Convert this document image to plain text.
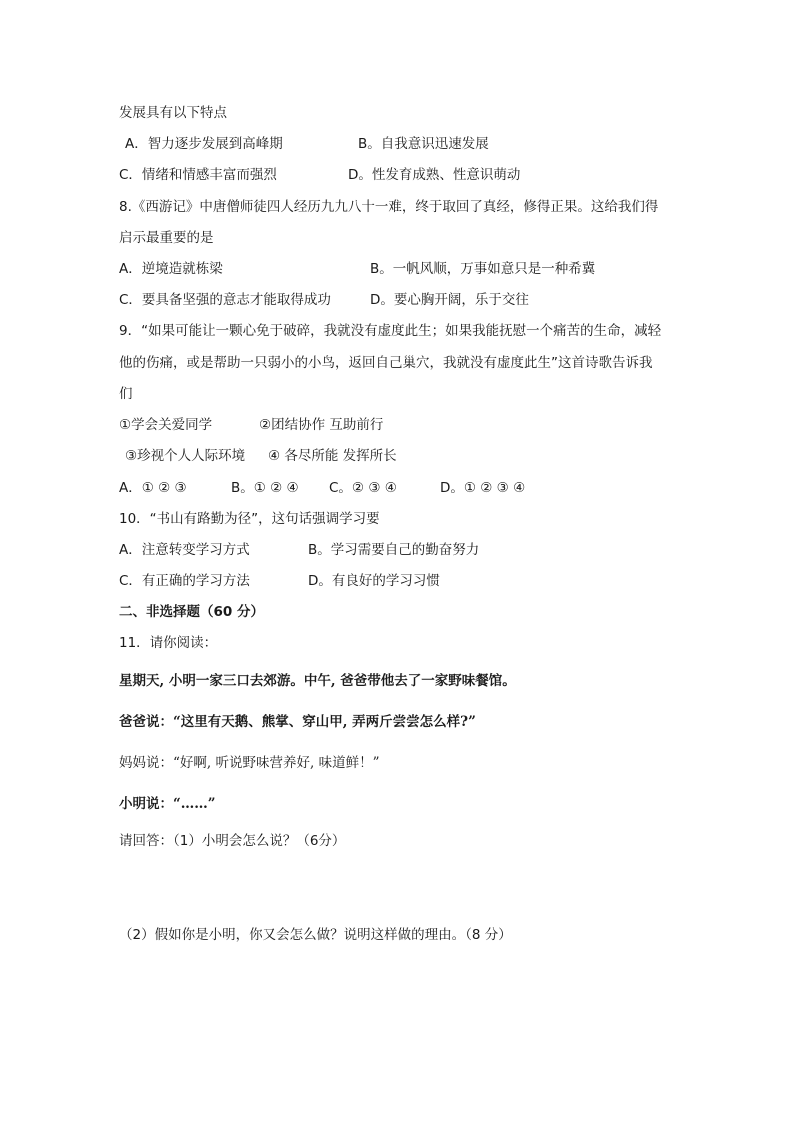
发展具有以下特点
A．智力逐步发展到高峰期	B。自我意识迅速发展
C．情绪和情感丰富而强烈	D。性发育成熟、性意识萌动
8.《西游记》中唐僧师徒四人经历九九八十一难，终于取回了真经，修得正果。这给我们得
启示最重要的是
A．逆境造就栋梁	B。一帆风顺，万事如意只是一种希冀
C．要具备坚强的意志才能取得成功	D。要心胸开阔，乐于交往
9．“如果可能让一颗心免于破碎，我就没有虚度此生；如果我能抚慰一个痛苦的生命，减轻
他的伤痛，或是帮助一只弱小的小鸟，返回自己巢穴，我就没有虚度此生”这首诗歌告诉我
们
①学会关爱同学	②团结协作 互助前行
③珍视个人人际环境 ④ 各尽所能 发挥所长
A．① ② ③	B。① ② ④ C。② ③ ④	D。① ② ③ ④
10．“书山有路勤为径”，这句话强调学习要
A．注意转变学习方式	B。学习需要自己的勤奋努力
C．有正确的学习方法	D。有良好的学习习惯
二、非选择题（60 分）
11．请你阅读：
星期天, 小明一家三口去郊游。中午, 爸爸带他去了一家野味餐馆。
爸爸说：“这里有天鹅、熊掌、穿山甲, 弄两斤尝尝怎么样?”
妈妈说：“好啊, 听说野味营养好, 味道鲜！”
小明说：“……”
请回答：（1）小明会怎么说？（6分）
（2）假如你是小明，你又会怎么做？说明这样做的理由。（8 分）
